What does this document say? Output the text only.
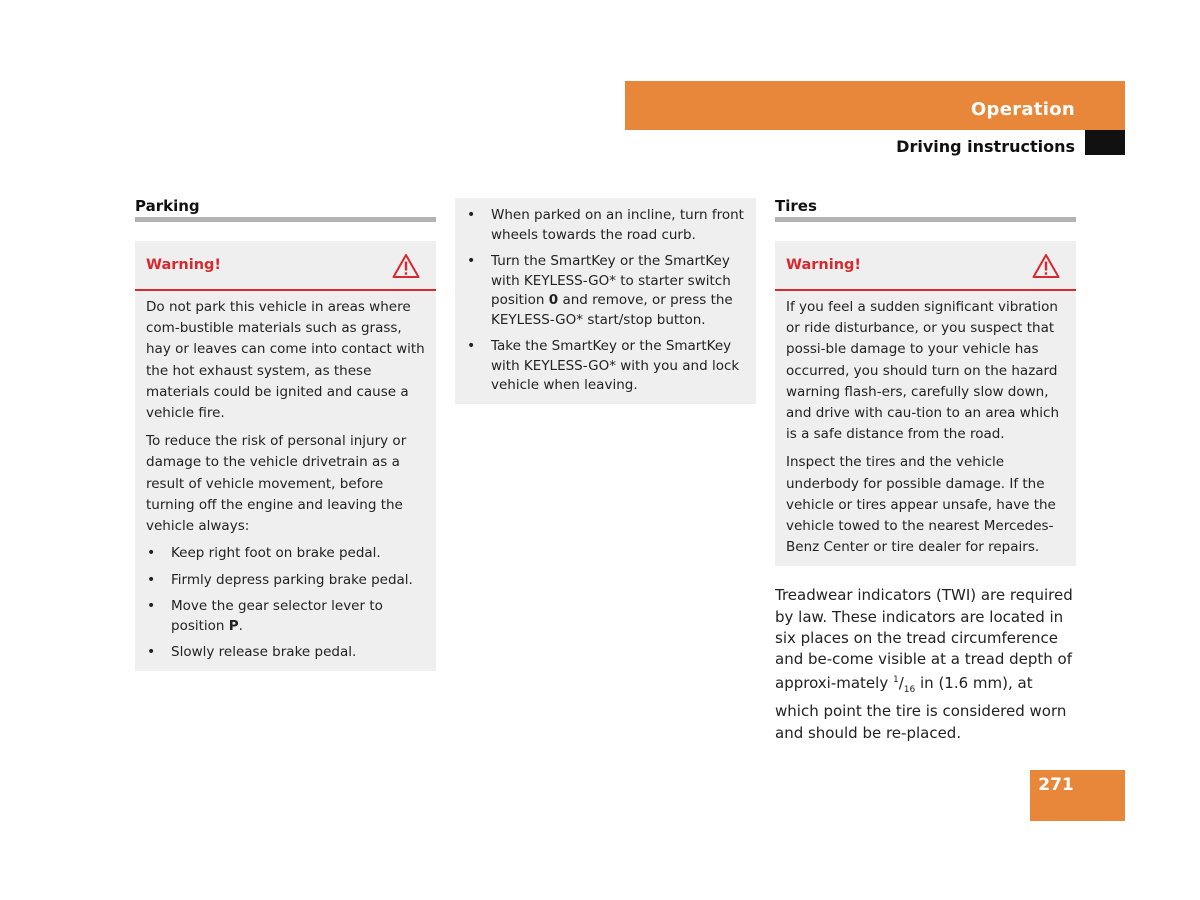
Operation
Driving instructions
Parking
Warning!

Do not park this vehicle in areas where com-bustible materials such as grass, hay or leaves can come into contact with the hot exhaust system, as these materials could be ignited and cause a vehicle fire.

To reduce the risk of personal injury or damage to the vehicle drivetrain as a result of vehicle movement, before turning off the engine and leaving the vehicle always:

• Keep right foot on brake pedal.
• Firmly depress parking brake pedal.
• Move the gear selector lever to position P.
• Slowly release brake pedal.
• When parked on an incline, turn front wheels towards the road curb.
• Turn the SmartKey or the SmartKey with KEYLESS-GO* to starter switch position 0 and remove, or press the KEYLESS-GO* start/stop button.
• Take the SmartKey or the SmartKey with KEYLESS-GO* with you and lock vehicle when leaving.
Tires
Warning!

If you feel a sudden significant vibration or ride disturbance, or you suspect that possi-ble damage to your vehicle has occurred, you should turn on the hazard warning flash-ers, carefully slow down, and drive with cau-tion to an area which is a safe distance from the road.

Inspect the tires and the vehicle underbody for possible damage. If the vehicle or tires appear unsafe, have the vehicle towed to the nearest Mercedes-Benz Center or tire dealer for repairs.

Treadwear indicators (TWI) are required by law. These indicators are located in six places on the tread circumference and be-come visible at a tread depth of approxi-mately $^1/_{16}$ in (1.6 mm), at which point the tire is considered worn and should be re-placed.
271
